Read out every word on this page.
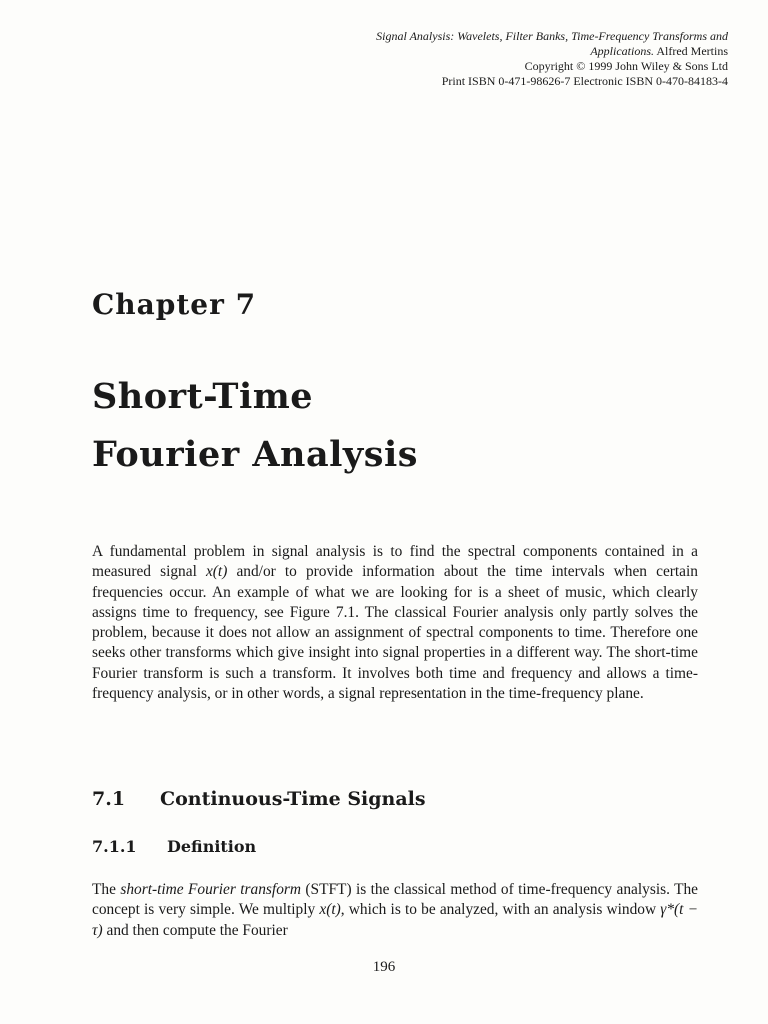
Signal Analysis: Wavelets, Filter Banks, Time-Frequency Transforms and
Applications. Alfred Mertins
Copyright © 1999 John Wiley & Sons Ltd
Print ISBN 0-471-98626-7 Electronic ISBN 0-470-84183-4
Chapter 7
Short-Time
Fourier Analysis
A fundamental problem in signal analysis is to find the spectral components contained in a measured signal x(t) and/or to provide information about the time intervals when certain frequencies occur. An example of what we are looking for is a sheet of music, which clearly assigns time to frequency, see Figure 7.1. The classical Fourier analysis only partly solves the problem, because it does not allow an assignment of spectral components to time. Therefore one seeks other transforms which give insight into signal properties in a different way. The short-time Fourier transform is such a transform. It involves both time and frequency and allows a time-frequency analysis, or in other words, a signal representation in the time-frequency plane.
7.1 Continuous-Time Signals
7.1.1 Definition
The short-time Fourier transform (STFT) is the classical method of time-frequency analysis. The concept is very simple. We multiply x(t), which is to be analyzed, with an analysis window γ*(t − τ) and then compute the Fourier
196
